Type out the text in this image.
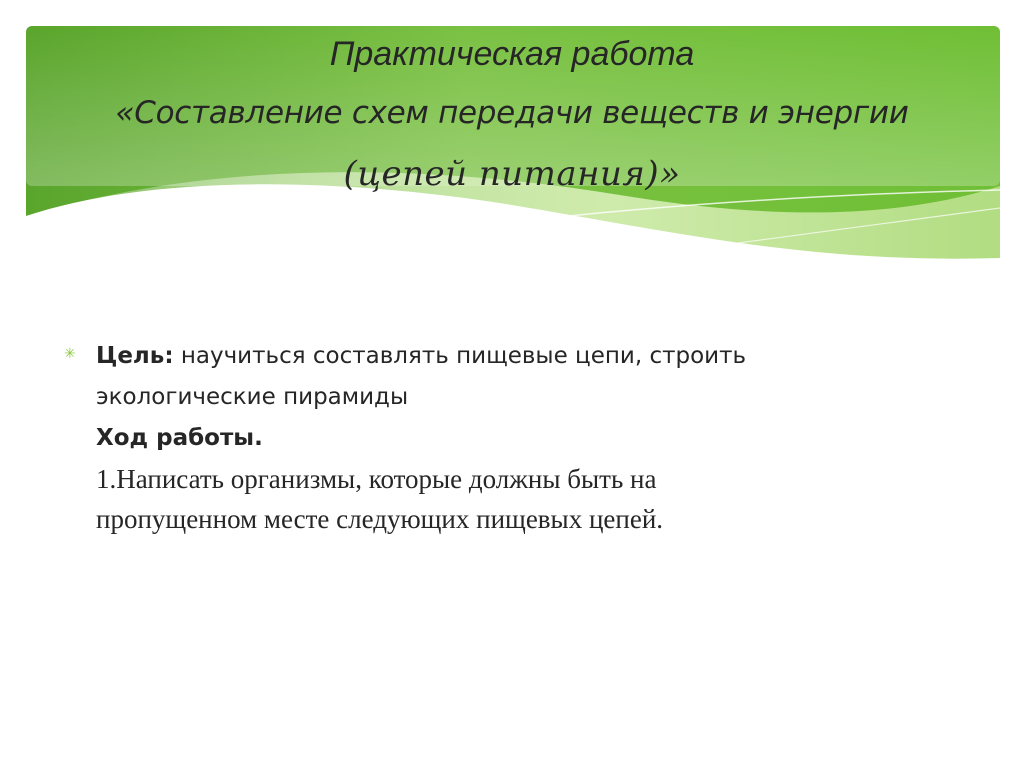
Практическая работа
«Составление схем передачи веществ и энергии
(цепей питания)»
✳ Цель: научиться составлять пищевые цепи, строить
экологические пирамиды
Ход работы.
1.Написать организмы, которые должны быть на
пропущенном месте следующих пищевых цепей.
